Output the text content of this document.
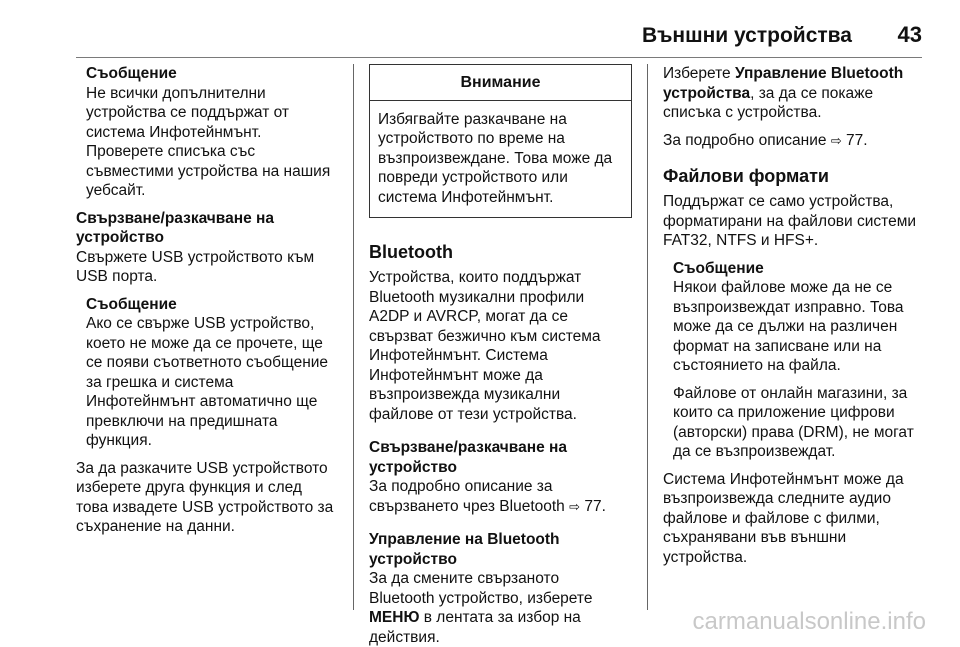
Външни устройства 43

Съобщение

Не всички допълнителни

устройства се поддържат от

система Инфотейнмънт.

Проверете списъка със

съвместими устройства на нашия

уебсайт.

Свързване/разкачване на

устройство

Свържете USB устройството към

USB порта.

Съобщение

Ако се свърже USB устройство,

което не може да се прочете, ще

се появи съответното съобщение

за грешка и система

Инфотейнмънт автоматично ще

превключи на предишната

функция.

За да разкачите USB устройството

изберете друга функция и след

това извадете USB устройството за

съхранение на данни.

Внимание

Избягвайте разкачване на

устройството по време на

възпроизвеждане. Това може да

повреди устройството или

система Инфотейнмънт.

Bluetooth

Устройства, които поддържат

Bluetooth музикални профили

A2DP и AVRCP, могат да се

свързват безжично към система

Инфотейнмънт. Система

Инфотейнмънт може да

възпроизвежда музикални

файлове от тези устройства.

Свързване/разкачване на

устройство

За подробно описание за

свързването чрез Bluetooth ⇨ 77.

Управление на Bluetooth

устройство

За да смените свързаното

Bluetooth устройство, изберете

МЕНЮ в лентата за избор на

действия.

Изберете Управление Bluetooth

устройства, за да се покаже

списъка с устройства.

За подробно описание ⇨ 77.

Файлови формати

Поддържат се само устройства,

форматирани на файлови системи

FAT32, NTFS и HFS+.

Съобщение

Някои файлове може да не се

възпроизвеждат изправно. Това

може да се дължи на различен

формат на записване или на

състоянието на файла.

Файлове от онлайн магазини, за

които са приложение цифрови

(авторски) права (DRM), не могат

да се възпроизвеждат.

Система Инфотейнмънт може да

възпроизвежда следните аудио

файлове и файлове с филми,

съхранявани във външни

устройства.

carmanualsonline.info
